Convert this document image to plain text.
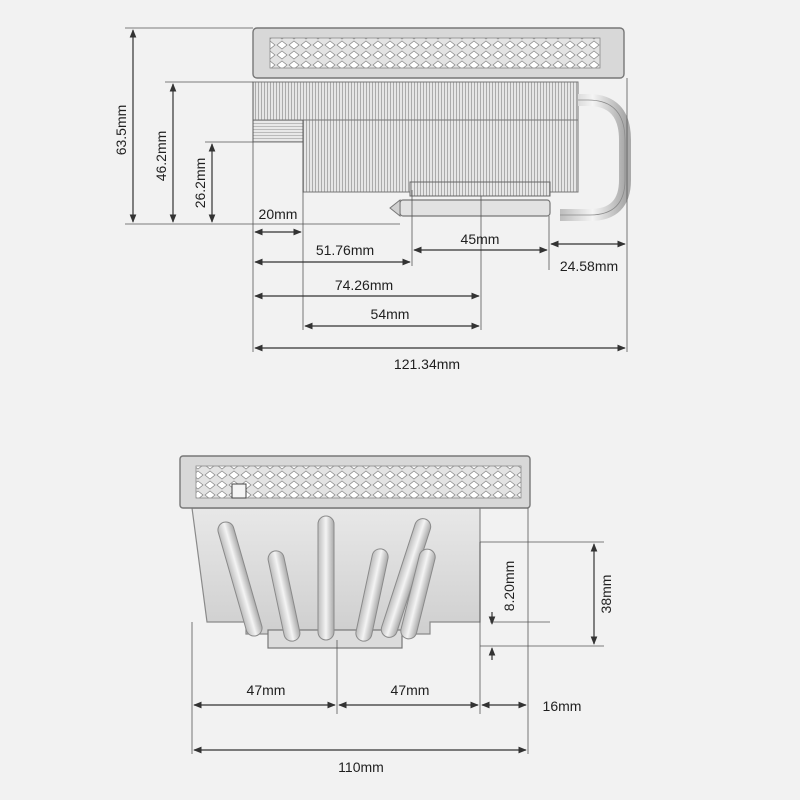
63.5mm
46.2mm
26.2mm
20mm
51.76mm
45mm
24.58mm
74.26mm
54mm
121.34mm
8.20mm	38mm
47mm	47mm
16mm
110mm
